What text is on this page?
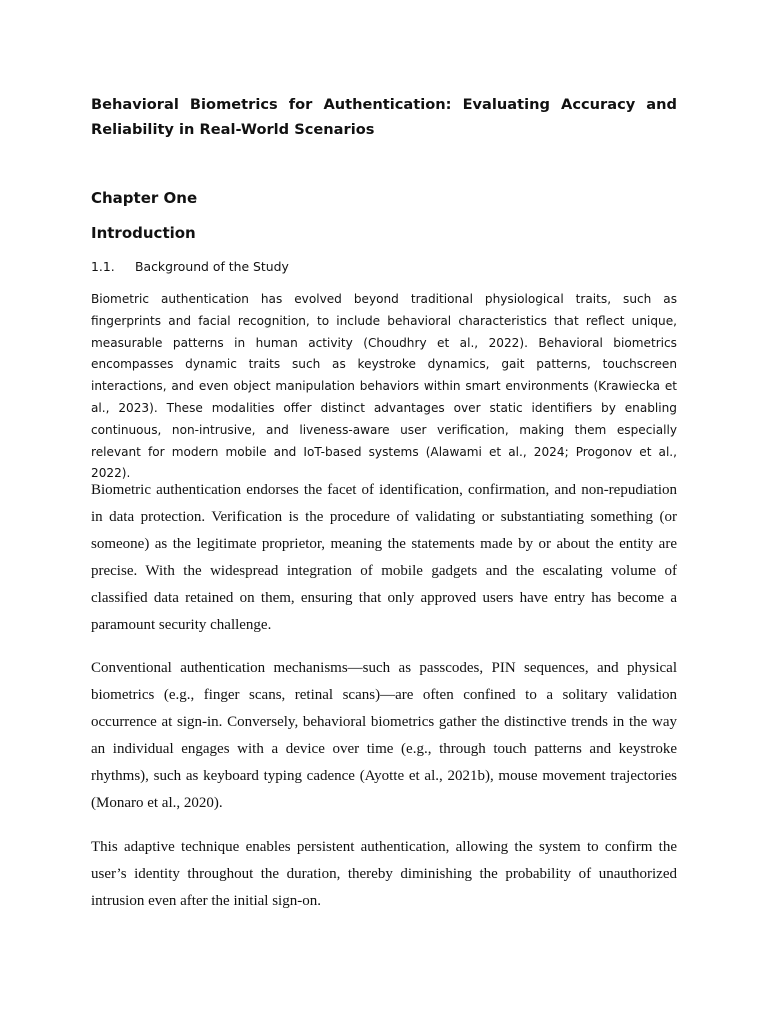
Behavioral Biometrics for Authentication: Evaluating Accuracy and Reliability in Real-World Scenarios
Chapter One
Introduction
1.1. Background of the Study

Biometric authentication has evolved beyond traditional physiological traits, such as fingerprints and facial recognition, to include behavioral characteristics that reflect unique, measurable patterns in human activity (Choudhry et al., 2022). Behavioral biometrics encompasses dynamic traits such as keystroke dynamics, gait patterns, touchscreen interactions, and even object manipulation behaviors within smart environments (Krawiecka et al., 2023). These modalities offer distinct advantages over static identifiers by enabling continuous, non-intrusive, and liveness-aware user verification, making them especially relevant for modern mobile and IoT-based systems (Alawami et al., 2024; Progonov et al., 2022).

Biometric authentication endorses the facet of identification, confirmation, and non-repudiation in data protection. Verification is the procedure of validating or substantiating something (or someone) as the legitimate proprietor, meaning the statements made by or about the entity are precise. With the widespread integration of mobile gadgets and the escalating volume of classified data retained on them, ensuring that only approved users have entry has become a paramount security challenge.

Conventional authentication mechanisms—such as passcodes, PIN sequences, and physical biometrics (e.g., finger scans, retinal scans)—are often confined to a solitary validation occurrence at sign-in. Conversely, behavioral biometrics gather the distinctive trends in the way an individual engages with a device over time (e.g., through touch patterns and keystroke rhythms), such as keyboard typing cadence (Ayotte et al., 2021b), mouse movement trajectories (Monaro et al., 2020).

This adaptive technique enables persistent authentication, allowing the system to confirm the user’s identity throughout the duration, thereby diminishing the probability of unauthorized intrusion even after the initial sign-on.
